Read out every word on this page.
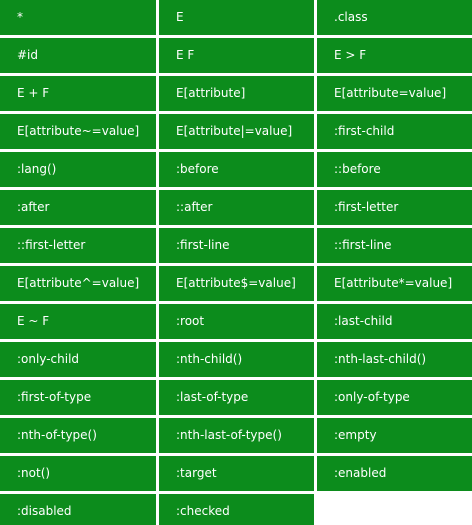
*	E	.class
#id	E F	E > F
E + F	E[attribute]	E[attribute=value]
E[attribute~=value]	E[attribute|=value]	:first-child
:lang()	:before	::before
:after	::after	:first-letter
::first-letter	:first-line	::first-line
E[attribute^=value]	E[attribute$=value]	E[attribute*=value]
E ~ F	:root	:last-child
:only-child	:nth-child()	:nth-last-child()
:first-of-type	:last-of-type	:only-of-type
:nth-of-type()	:nth-last-of-type()	:empty
:not()	:target	:enabled
:disabled	:checked
